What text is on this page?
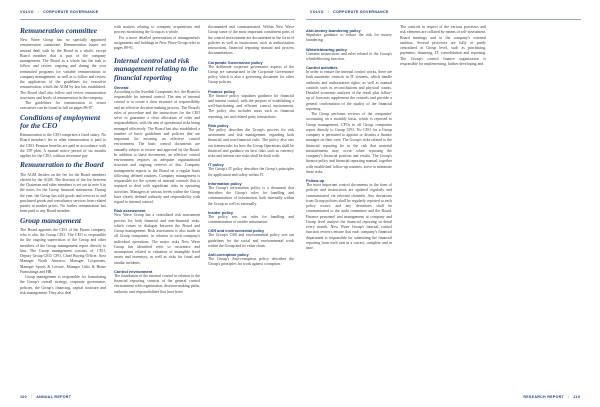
VOLVO / CORPORATE GOVERNANCE	VOLVO / CORPORATE GOVERNANCE
Remuneration committee

New Wave Group has no specially appointed remuneration committee. Remuneration issues are instead dealt with by the Board as a whole, except Board member that is part of the company management. The Board as a whole has the task to follow and review ongoing and during the year terminated programs for variable remunerations to company management, as well as to follow and review the application of the guidelines for executive remuneration, which the AGM by law has established. The Board shall also follow and review remuneration structures and levels of remuneration in the company.

The guidelines for remuneration to senior executives can be found in full on pages 86-87.

Conditions of employment for the CEO

Remuneration to the CEO comprises a fixed salary. No Board member's fee or other remuneration is paid to the CEO. Pension benefits are paid in accordance with the ITP plan. A mutual notice period of six months applies for the CEO, without severance pay.

Remuneration to the Board

The AGM decides on the fee for the Board members elected by the AGM. The division of the fee between the Chairman and other members is set out in note 6 in the notes for the Group financial statements. During the year, the Group has sold goods and services to and purchased goods and consultancy services from related parties at market prices. No further remuneration has been paid to any Board member.

Group management

The Board appoints the CEO of the Parent company, who is also the Group CEO. The CEO is responsible for the ongoing supervision of the Group and other members of the Group management report directly to him. The Group management consists of: CEO, Deputy Group CEO, CFO, Chief Buying Officer, Area Manager North America, Manager Corporates, Manager Sports & Leisure, Manager Gifts & Home Furnishings and HR.

Group management is responsible for formulating the Group's overall strategy, corporate governance, policies, the Group's financing, capital structure and risk management. They also deal

with matters relating to company acquisitions and process monitoring the Group as a whole.

For a more detailed presentation of management's assignments and holdings in New Wave Group refer to pages 89-91.

Internal control and risk management relating to the financial reporting
General

According to the Swedish Companies Act, the Board is responsible for internal control. The aim of internal control is to create a clear structure of responsibility and an effective decision-making process. The Board's rules of procedure and the instructions for the CEO serve to guarantee a clear allocation of roles and responsibilities, with the aim of operational risks being managed effectively. The Board has also established a number of basic guidelines and policies that are important for ensuring an effective control environment. The basic control documents are annually subject to review and approval by the Board. In addition to these documents, an effective control environment requires an adequate organizational structure and ongoing reviews of this. Company management reports to the Board on a regular basis following defined routines. Company management is responsible for the system of internal controls that is required to deal with significant risks in operating activities. Managers at various levels within the Group have clearly defined authority and responsibility with regard to internal control.

Risk assessment

New Wave Group has a centralized risk assessment process for both financial and non-financial risks, which comes in dialogue between the Board and Group management. Risk assessment is also made in all Group companies, in relation to each company's individual operations. The major risks New Wave Group has identified refer to customers and assumptions related to valuation of intangible fixed assets and inventory, as well as risks for fraud and similar incidents.

Control environment

The foundation of the internal control in relation to the financial reporting consists of the general control environment with organization, decision-making paths, authority and responsibilities that have been

documented and communicated. Within New Wave Group some of the most important constituent parts of the control environment are documented in the form of policies as well as instructions, such as authorization instructions, financial reporting manual and process documentations.

Corporate Governance policy

The deliberate corporate governance aspects of the Group are summarized in the Corporate Governance policy which is also a governing document for other Group policies.

Finance policy

The finance policy stipulates guidance for financial and interest control, with the purpose of establishing a well-functioning and efficient control environment. The policy also includes areas such as financial reporting, tax and related party transactions.

Risk policy

The policy describes the Group's process for risk assessment and risk management, regarding both financial and non-financial risks. The policy also sets out frameworks for how the Group Operations shall be financed and guidance on how risks such as currency risks and interest rate risks shall be dealt with.

IT policy

The Group's IT policy describes the Group's principles for application and safety within IT.

Information policy

The Group's information policy is a document that describes the Group's rules for handling and communication of information, both internally within the Group as well as externally.

Insider policy

The policy sets out rules for handling and communication of insider information.

CSR and environmental policy

The Group's CSR and environmental policy sets out guidelines for the social and environmental work within the Group and its value chain.

Anti-corruption policy

The Group's Anti-corruption policy describes the Group's principles for work against corruption.

Anti-money laundering policy

Stipulates guidance to reduce the risk for money laundering.

Whistleblowing policy

Contains instructions and rules related to the Group's whistleblowing function.

Control activities

In order to ensure the internal control works, there are both automatic controls in IT systems, which handle authority and authorization rights, as well as manual controls such as reconciliations and physical counts. Detailed economic analyses of the result plus follow-up of forecasts supplement the controls and provide a general confirmation of the quality of the financial reporting.

The Group performs reviews of the companies' accounting on a monthly basis, which is reported to Group management. CFOs in all Group companies report directly to Group CFO. No CEO for a Group company is permitted to appoint or dismiss a finance manager on their own. The Group's risks related to the financial reporting lie in the risk that material misstatements may occur when reporting the company's financial position and results. The Group's finance policy and financial reporting manual, together with established follow-up routines, serve to minimize these risks.

Follow-up

The most important control documents in the form of policies and instructions are updated regularly and communicated via relevant channels. Any deviations from Group policies shall be regularly reported to each policy owner, and any deviations shall be communicated to the audit committee and the Board. Finance personnel and management at company and Group level analyse the financial reporting in detail every month. New Wave Group's internal control function reviews ensure that each company's financial department is responsible for submitting the financial reporting from each unit in a correct, complete and in time.

The controls in respect of the various processes and risk elements are collated by means of self-assessment. Board meetings and to the company's external auditors. Several processes are fully or partly centralized at Group level, such as purchasing, payments, financing, IT, consolidation and reporting. The Group's control finance organization is responsible for implementing, further developing and

100 / ANNUAL REPORT	RESEARCH REPORT / 119
